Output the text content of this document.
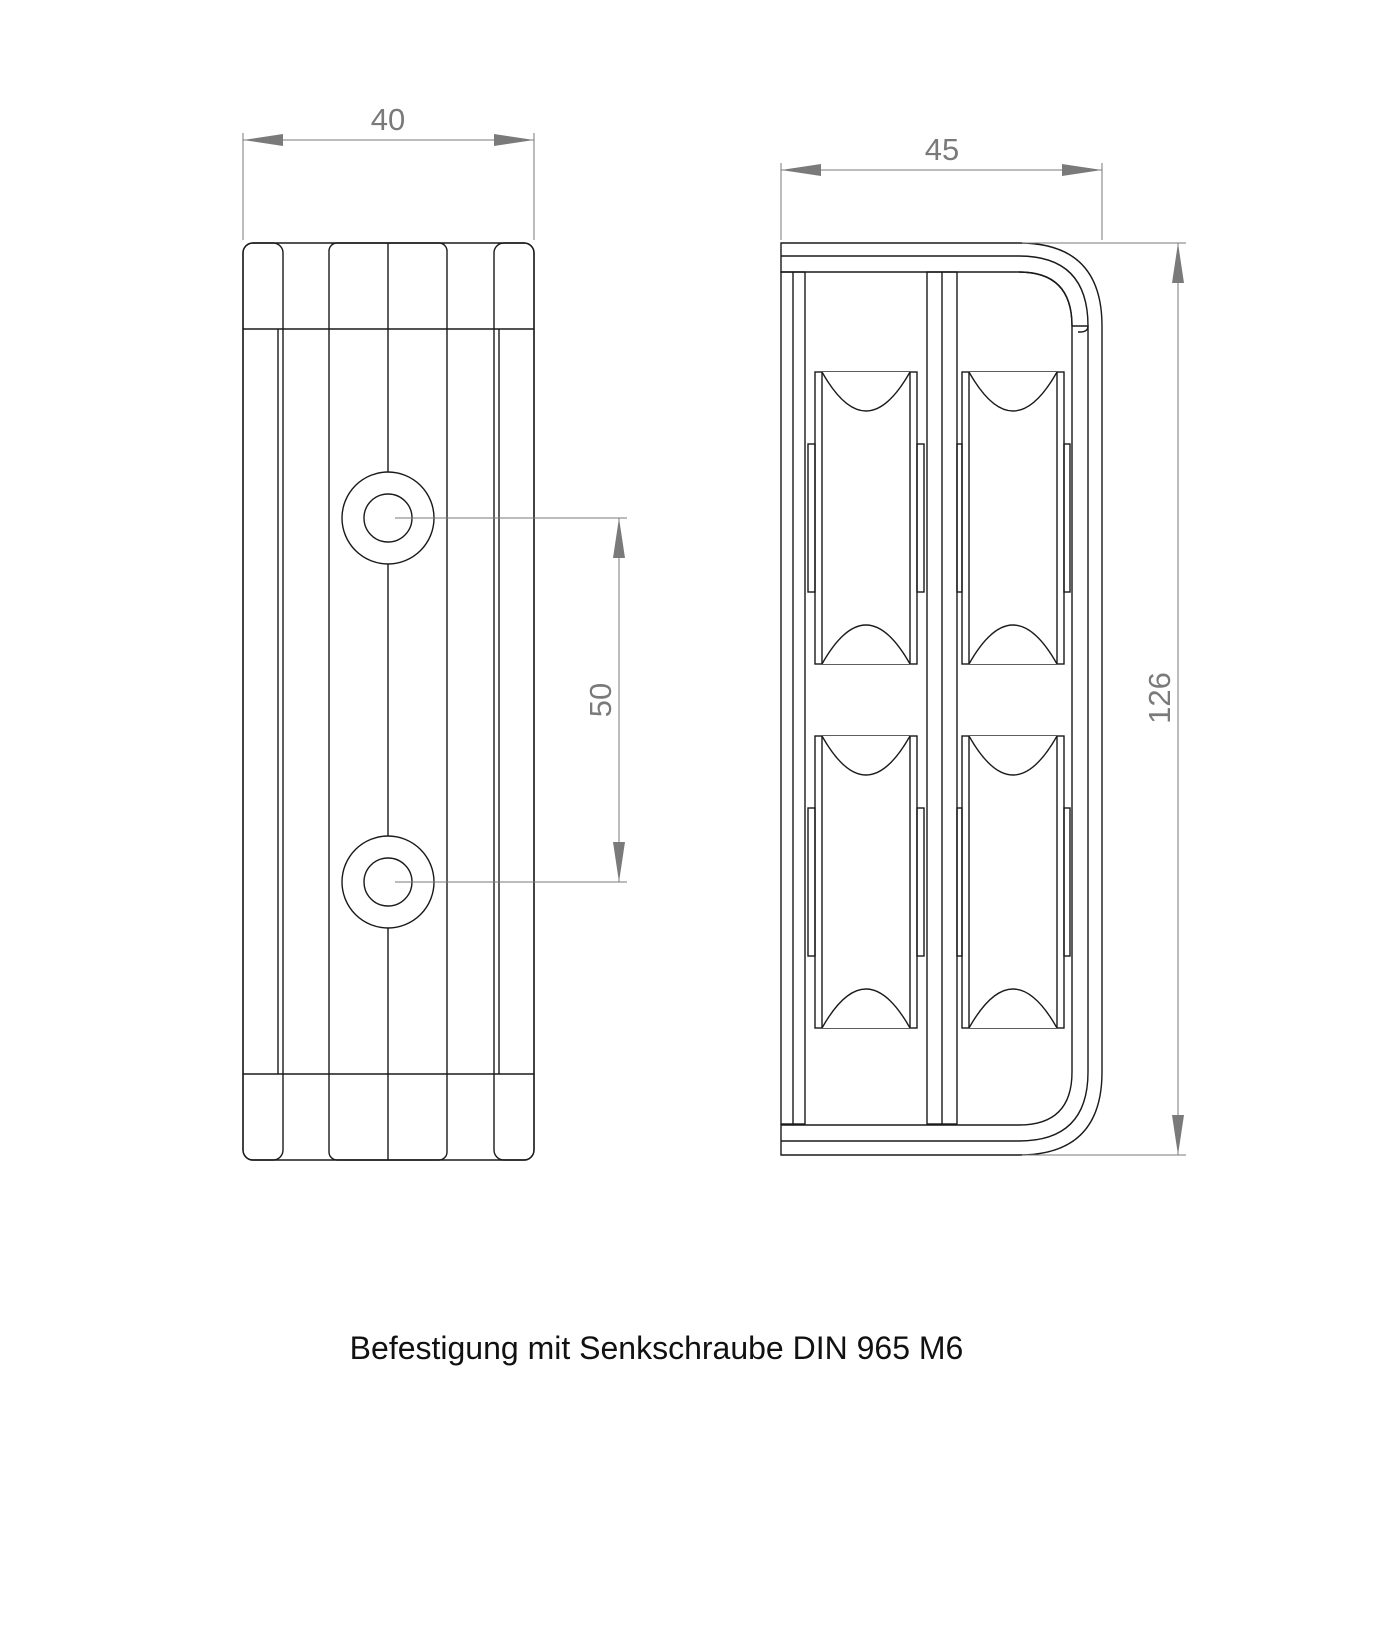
40
50
45
126
Befestigung mit Senkschraube DIN 965 M6
